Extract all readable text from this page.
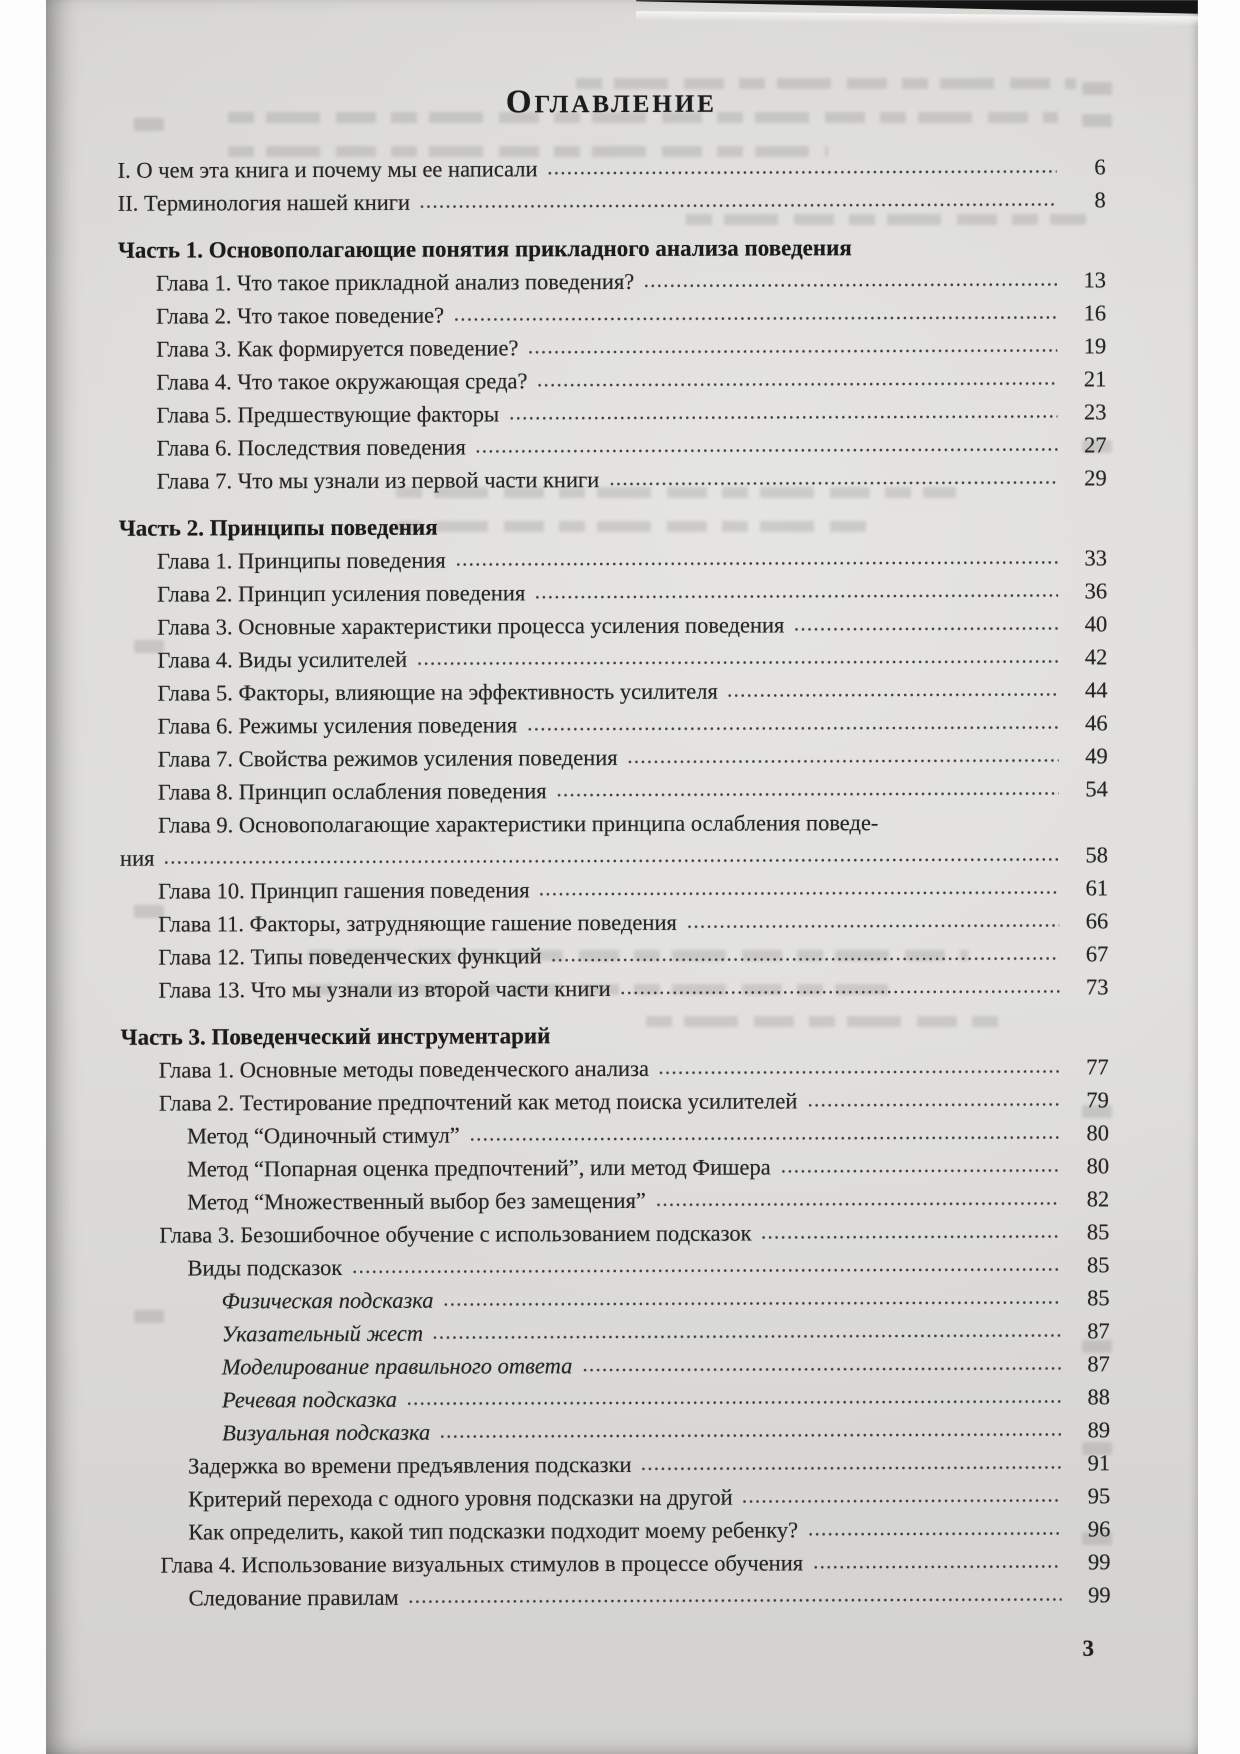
ОГЛАВЛЕНИЕ
I. О чем эта книга и почему мы ее написали	6
II. Терминология нашей книги	8
Часть 1. Основополагающие понятия прикладного анализа поведения
Глава 1. Что такое прикладной анализ поведения?	13
Глава 2. Что такое поведение?	16
Глава 3. Как формируется поведение?	19
Глава 4. Что такое окружающая среда?	21
Глава 5. Предшествующие факторы	23
Глава 6. Последствия поведения	27
Глава 7. Что мы узнали из первой части книги	29
Часть 2. Принципы поведения
Глава 1. Принципы поведения	33
Глава 2. Принцип усиления поведения	36
Глава 3. Основные характеристики процесса усиления поведения	40
Глава 4. Виды усилителей	42
Глава 5. Факторы, влияющие на эффективность усилителя	44
Глава 6. Режимы усиления поведения	46
Глава 7. Свойства режимов усиления поведения	49
Глава 8. Принцип ослабления поведения	54
Глава 9. Основополагающие характеристики принципа ослабления поведе-
ния	58
Глава 10. Принцип гашения поведения	61
Глава 11. Факторы, затрудняющие гашение поведения	66
Глава 12. Типы поведенческих функций	67
Глава 13. Что мы узнали из второй части книги	73
Часть 3. Поведенческий инструментарий
Глава 1. Основные методы поведенческого анализа	77
Глава 2. Тестирование предпочтений как метод поиска усилителей	79
Метод “Одиночный стимул”	80
Метод “Попарная оценка предпочтений”, или метод Фишера	80
Метод “Множественный выбор без замещения”	82
Глава 3. Безошибочное обучение с использованием подсказок	85
Виды подсказок	85
Физическая подсказка	85
Указательный жест	87
Моделирование правильного ответа	87
Речевая подсказка	88
Визуальная подсказка	89
Задержка во времени предъявления подсказки	91
Критерий перехода с одного уровня подсказки на другой	95
Как определить, какой тип подсказки подходит моему ребенку?	96
Глава 4. Использование визуальных стимулов в процессе обучения	99
Следование правилам	99
3
